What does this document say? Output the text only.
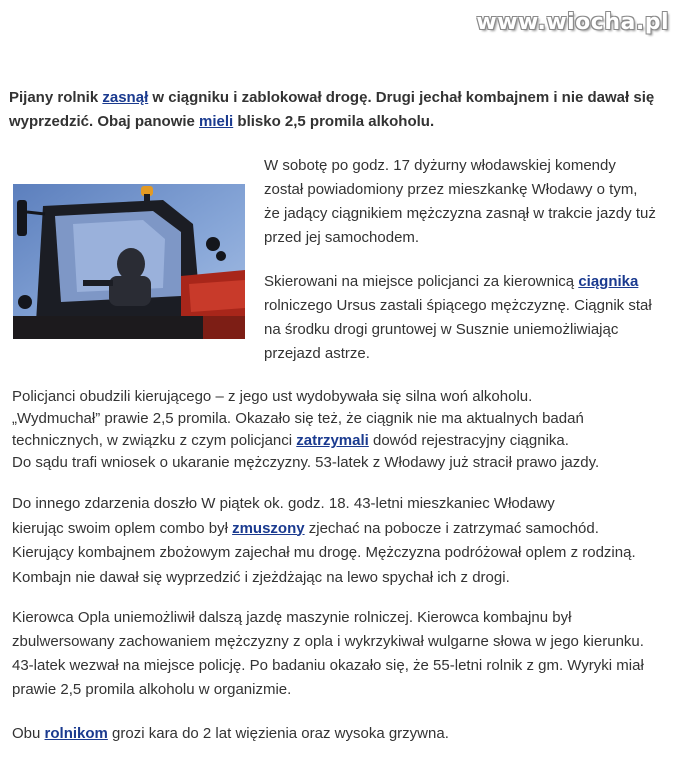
www.wiocha.pl
Pijany rolnik zasnął w ciągniku i zablokował drogę. Drugi jechał kombajnem i nie dawał się
wyprzedzić. Obaj panowie mieli blisko 2,5 promila alkoholu.
W sobotę po godz. 17 dyżurny włodawskiej komendy
został powiadomiony przez mieszkankę Włodawy o tym,
że jadący ciągnikiem mężczyzna zasnął w trakcie jazdy tuż
przed jej samochodem.
Skierowani na miejsce policjanci za kierownicą ciągnika
rolniczego Ursus zastali śpiącego mężczyznę. Ciągnik stał
na środku drogi gruntowej w Susznie uniemożliwiając
przejazd astrze.
Policjanci obudzili kierującego – z jego ust wydobywała się silna woń alkoholu.
„Wydmuchał” prawie 2,5 promila. Okazało się też, że ciągnik nie ma aktualnych badań
technicznych, w związku z czym policjanci zatrzymali dowód rejestracyjny ciągnika.
Do sądu trafi wniosek o ukaranie mężczyzny. 53-latek z Włodawy już stracił prawo jazdy.
Do innego zdarzenia doszło W piątek ok. godz. 18. 43-letni mieszkaniec Włodawy
kierując swoim oplem combo był zmuszony zjechać na pobocze i zatrzymać samochód.
Kierujący kombajnem zbożowym zajechał mu drogę. Mężczyzna podróżował oplem z rodziną.
Kombajn nie dawał się wyprzedzić i zjeżdżając na lewo spychał ich z drogi.
Kierowca Opla uniemożliwił dalszą jazdę maszynie rolniczej. Kierowca kombajnu był
zbulwersowany zachowaniem mężczyzny z opla i wykrzykiwał wulgarne słowa w jego kierunku.
43-latek wezwał na miejsce policję. Po badaniu okazało się, że 55-letni rolnik z gm. Wyryki miał
prawie 2,5 promila alkoholu w organizmie.
Obu rolnikom grozi kara do 2 lat więzienia oraz wysoka grzywna.
